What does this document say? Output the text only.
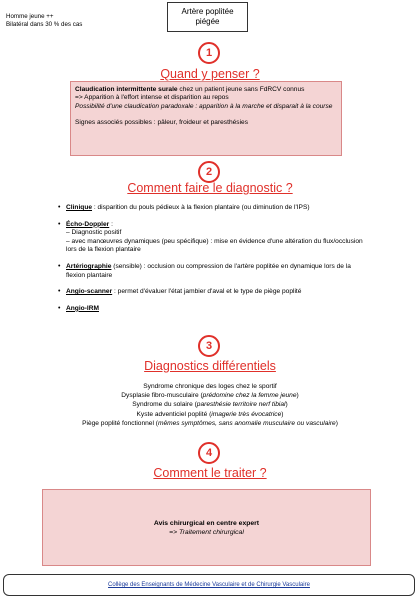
Homme jeune ++
Bilatéral dans 30 % des cas
Artère poplitée
piégée
1
Quand y penser ?
Claudication intermittente surale chez un patient jeune sans FdRCV connus
=> Apparition à l'effort intense et disparition au repos
Possibilité d'une claudication paradoxale : apparition à la marche et disparait à la course
Signes associés possibles : pâleur, froideur et paresthésies
2
Comment faire le diagnostic ?
• Clinique : disparition du pouls pédieux à la flexion plantaire (ou diminution de l'IPS)
• Écho-Doppler :
– Diagnostic positif
– avec manœuvres dynamiques (peu spécifique) : mise en évidence d'une altération du flux/occlusion lors de la flexion plantaire
• Artériographie (sensible) : occlusion ou compression de l'artère poplitée en dynamique lors de la flexion plantaire
• Angio-scanner : permet d'évaluer l'état jambier d'aval et le type de piège poplité
• Angio-IRM
3
Diagnostics différentiels
Syndrome chronique des loges chez le sportif
Dysplasie fibro-musculaire (prédomine chez la femme jeune)
Syndrome du solaire (paresthésie territoire nerf tibial)
Kyste adventiciel poplité (imagerie très évocatrice)
Piège poplité fonctionnel (mêmes symptômes, sans anomalie musculaire ou vasculaire)
4
Comment le traiter ?
Avis chirurgical en centre expert
=> Traitement chirurgical
Collège des Enseignants de Médecine Vasculaire et de Chirurgie Vasculaire
